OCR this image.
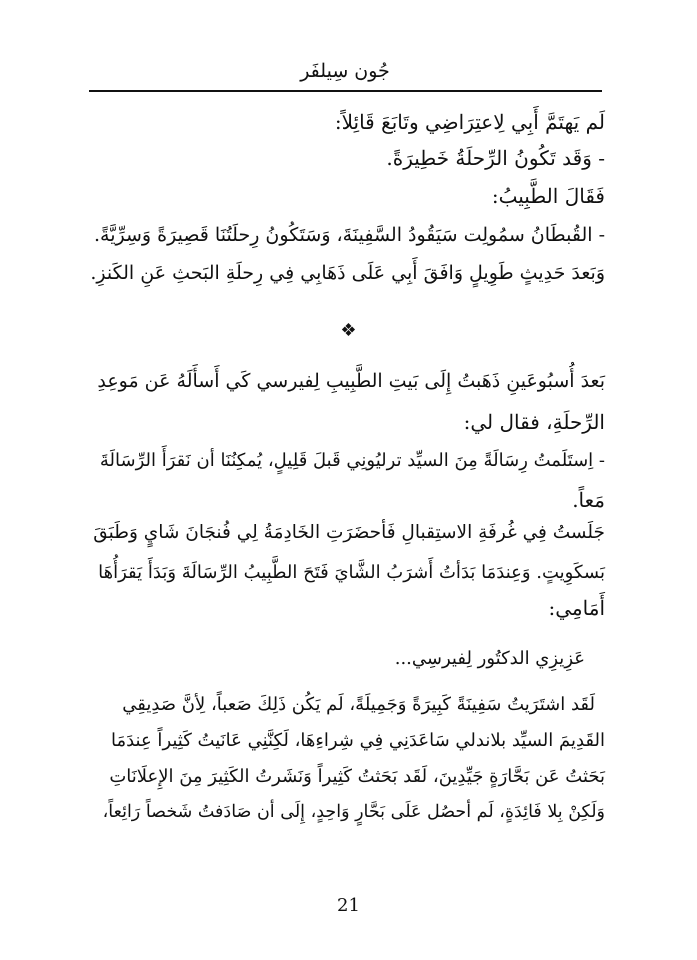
جُون سِيلفَر
لَم يَهتَمَّ أَبِي لِاعتِرَاضِي وتَابَعَ قَائِلاً:
- وَقَد تَكُونُ الرِّحلَةُ خَطِيرَةً.
فَقَالَ الطَّبِيبُ:
- القُبطَانُ سمُولِت سَيَقُودُ السَّفِينَةَ، وَسَتَكُونُ رِحلَتُنَا قَصِيرَةً وَسِرِّيَّةً.
وَبَعدَ حَدِيثٍ طَوِيلٍ وَافَقَ أَبِي عَلَى ذَهَابِي فِي رِحلَةِ البَحثِ عَنِ الكَنزِ.
❖
بَعدَ أُسبُوعَينِ ذَهَبتُ إِلَى بَيتِ الطَّبِيبِ لِفيرسي كَي أَسأَلَهُ عَن مَوعِدِ
الرِّحلَةِ، فقال لي:
- اِستَلَمتُ رِسَالَةً مِنَ السيِّد ترليُونِي قَبلَ قَلِيلٍ، يُمكِنُنَا أن نَقرَأَ الرِّسَالَةَ
مَعاً.
جَلَستُ فِي غُرفَةِ الاستِقبالِ فَأحضَرَتِ الخَادِمَةُ لِي فُنجَانَ شَايٍ وَطَبَقَ
بَسكَوِيتٍ. وَعِندَمَا بَدَأتُ أَشرَبُ الشَّايَ فَتَحَ الطَّبِيبُ الرِّسَالَةَ وَبَدَأَ يَقرَأُهَا
أَمَامِي:
عَزِيزِي الدكتُور لِفيرسِي...
لَقَد اشتَرَيتُ سَفِينَةً كَبِيرَةً وَجَمِيلَةً، لَم يَكُن ذَلِكَ صَعباً، لِأنَّ صَدِيقِي
القَدِيمَ السيِّد بلاندلي سَاعَدَنِي فِي شِراءِهَا، لَكِنَّنِي عَانَيتُ كَثِيراً عِندَمَا
بَحَثتُ عَن بَحَّارَةٍ جَيِّدِينَ، لَقَد بَحَثتُ كَثِيراً وَنَشَرتُ الكَثِيرَ مِنَ الإِعلَانَاتِ
وَلَكِنْ بِلا فَائِدَةٍ، لَم أحصُل عَلَى بَحَّارٍ وَاحِدٍ، إِلَى أن صَادَفتُ شَخصاً رَائِعاً،
21
